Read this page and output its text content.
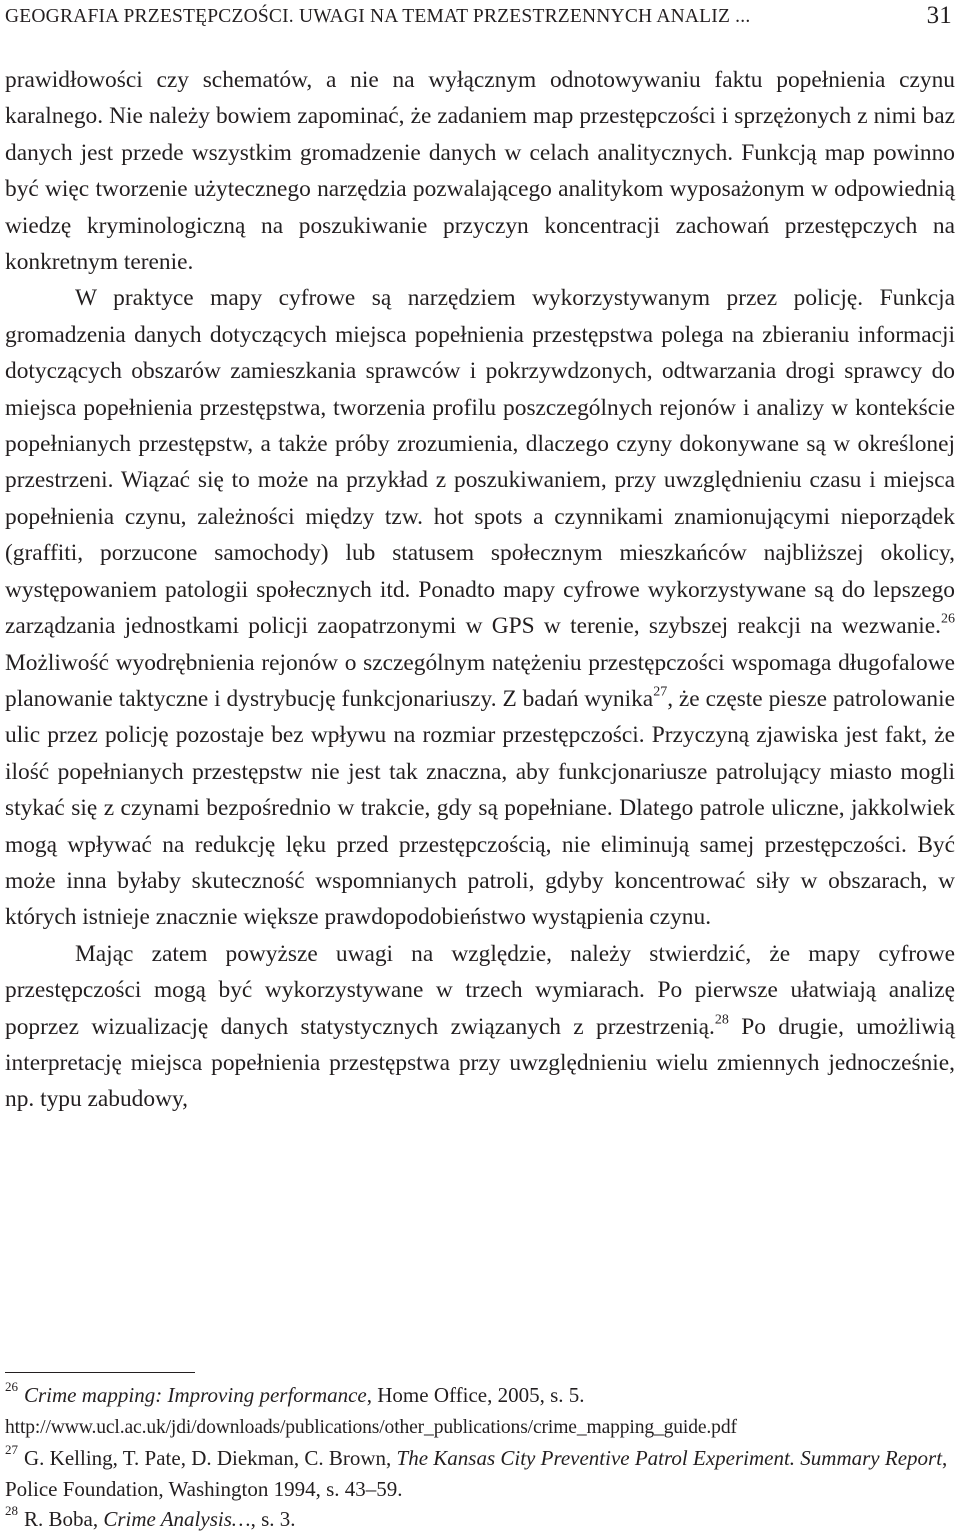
GEOGRAFIA PRZESTĘPCZOŚCI. UWAGI NA TEMAT PRZESTRZENNYCH ANALIZ ...	31

prawidłowości czy schematów, a nie na wyłącznym odnotowywaniu faktu popełnienia czynu karalnego. Nie należy bowiem zapominać, że zadaniem map przestępczości i sprzężonych z nimi baz danych jest przede wszystkim gromadzenie danych w celach analitycznych. Funkcją map powinno być więc tworzenie użytecznego narzędzia pozwalającego analitykom wyposażonym w odpowiednią wiedzę kryminologiczną na poszukiwanie przyczyn koncentracji zachowań przestępczych na konkretnym terenie.

W praktyce mapy cyfrowe są narzędziem wykorzystywanym przez policję. Funkcja gromadzenia danych dotyczących miejsca popełnienia przestępstwa polega na zbieraniu informacji dotyczących obszarów zamieszkania sprawców i pokrzywdzonych, odtwarzania drogi sprawcy do miejsca popełnienia przestępstwa, tworzenia profilu poszczególnych rejonów i analizy w kontekście popełnianych przestępstw, a także próby zrozumienia, dlaczego czyny dokonywane są w określonej przestrzeni. Wiązać się to może na przykład z poszukiwaniem, przy uwzględnieniu czasu i miejsca popełnienia czynu, zależności między tzw. hot spots a czynnikami znamionującymi nieporządek (graffiti, porzucone samochody) lub statusem społecznym mieszkańców najbliższej okolicy, występowaniem patologii społecznych itd. Ponadto mapy cyfrowe wykorzystywane są do lepszego zarządzania jednostkami policji zaopatrzonymi w GPS w terenie, szybszej reakcji na wezwanie.$^{26}$ Możliwość wyodrębnienia rejonów o szczególnym natężeniu przestępczości wspomaga długofalowe planowanie taktyczne i dystrybucję funkcjonariuszy. Z badań wynika$^{27}$, że częste piesze patrolowanie ulic przez policję pozostaje bez wpływu na rozmiar przestępczości. Przyczyną zjawiska jest fakt, że ilość popełnianych przestępstw nie jest tak znaczna, aby funkcjonariusze patrolujący miasto mogli stykać się z czynami bezpośrednio w trakcie, gdy są popełniane. Dlatego patrole uliczne, jakkolwiek mogą wpływać na redukcję lęku przed przestępczością, nie eliminują samej przestępczości. Być może inna byłaby skuteczność wspomnianych patroli, gdyby koncentrować siły w obszarach, w których istnieje znacznie większe prawdopodobieństwo wystąpienia czynu.

Mając zatem powyższe uwagi na względzie, należy stwierdzić, że mapy cyfrowe przestępczości mogą być wykorzystywane w trzech wymiarach. Po pierwsze ułatwiają analizę poprzez wizualizację danych statystycznych związanych z przestrzenią.$^{28}$ Po drugie, umożliwią interpretację miejsca popełnienia przestępstwa przy uwzględnieniu wielu zmiennych jednocześnie, np. typu zabudowy,

$^{26}$ Crime mapping: Improving performance, Home Office, 2005, s. 5.

http://www.ucl.ac.uk/jdi/downloads/publications/other_publications/crime_mapping_guide.pdf

$^{27}$ G. Kelling, T. Pate, D. Diekman, C. Brown, The Kansas City Preventive Patrol Experiment. Summary Report, Police Foundation, Washington 1994, s. 43–59.

$^{28}$ R. Boba, Crime Analysis…, s. 3.
